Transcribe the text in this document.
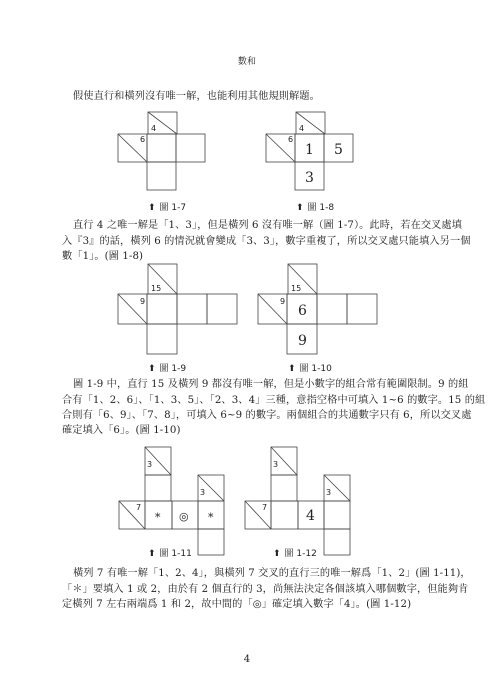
數和
假使直行和橫列沒有唯一解，也能利用其他規則解題。
4
6
⬆ 圖 1-7
4
6
1 5
3
⬆ 圖 1-8
直行 4 之唯一解是「1、3」，但是橫列 6 沒有唯一解（圖 1-7）。此時，若在交叉處填
入『3』的話，橫列 6 的情況就會變成「3、3」，數字重複了，所以交叉處只能填入另一個
數「1」。(圖 1-8)
15
9
⬆ 圖 1-9
15
9
6
9
⬆ 圖 1-10
圖 1-9 中，直行 15 及橫列 9 都沒有唯一解，但是小數字的組合常有範圍限制。9 的組
合有「1、2、6」、「1、3、5」、「2、3、4」三種，意指空格中可填入 1~6 的數字。15 的組
合則有「6、9」、「7、8」，可填入 6~9 的數字。兩個組合的共通數字只有 6，所以交叉處
確定填入「6」。(圖 1-10)
3
3
7
* ◎ *
⬆ 圖 1-11
3
3
7
4
⬆ 圖 1-12
橫列 7 有唯一解「1、2、4」，與橫列 7 交叉的直行三的唯一解爲「1、2」(圖 1-11)，
「＊」要填入 1 或 2，由於有 2 個直行的 3，尚無法決定各個該填入哪個數字，但能夠肯
定橫列 7 左右兩端爲 1 和 2，故中間的「◎」確定填入數字「4」。(圖 1-12)
4
